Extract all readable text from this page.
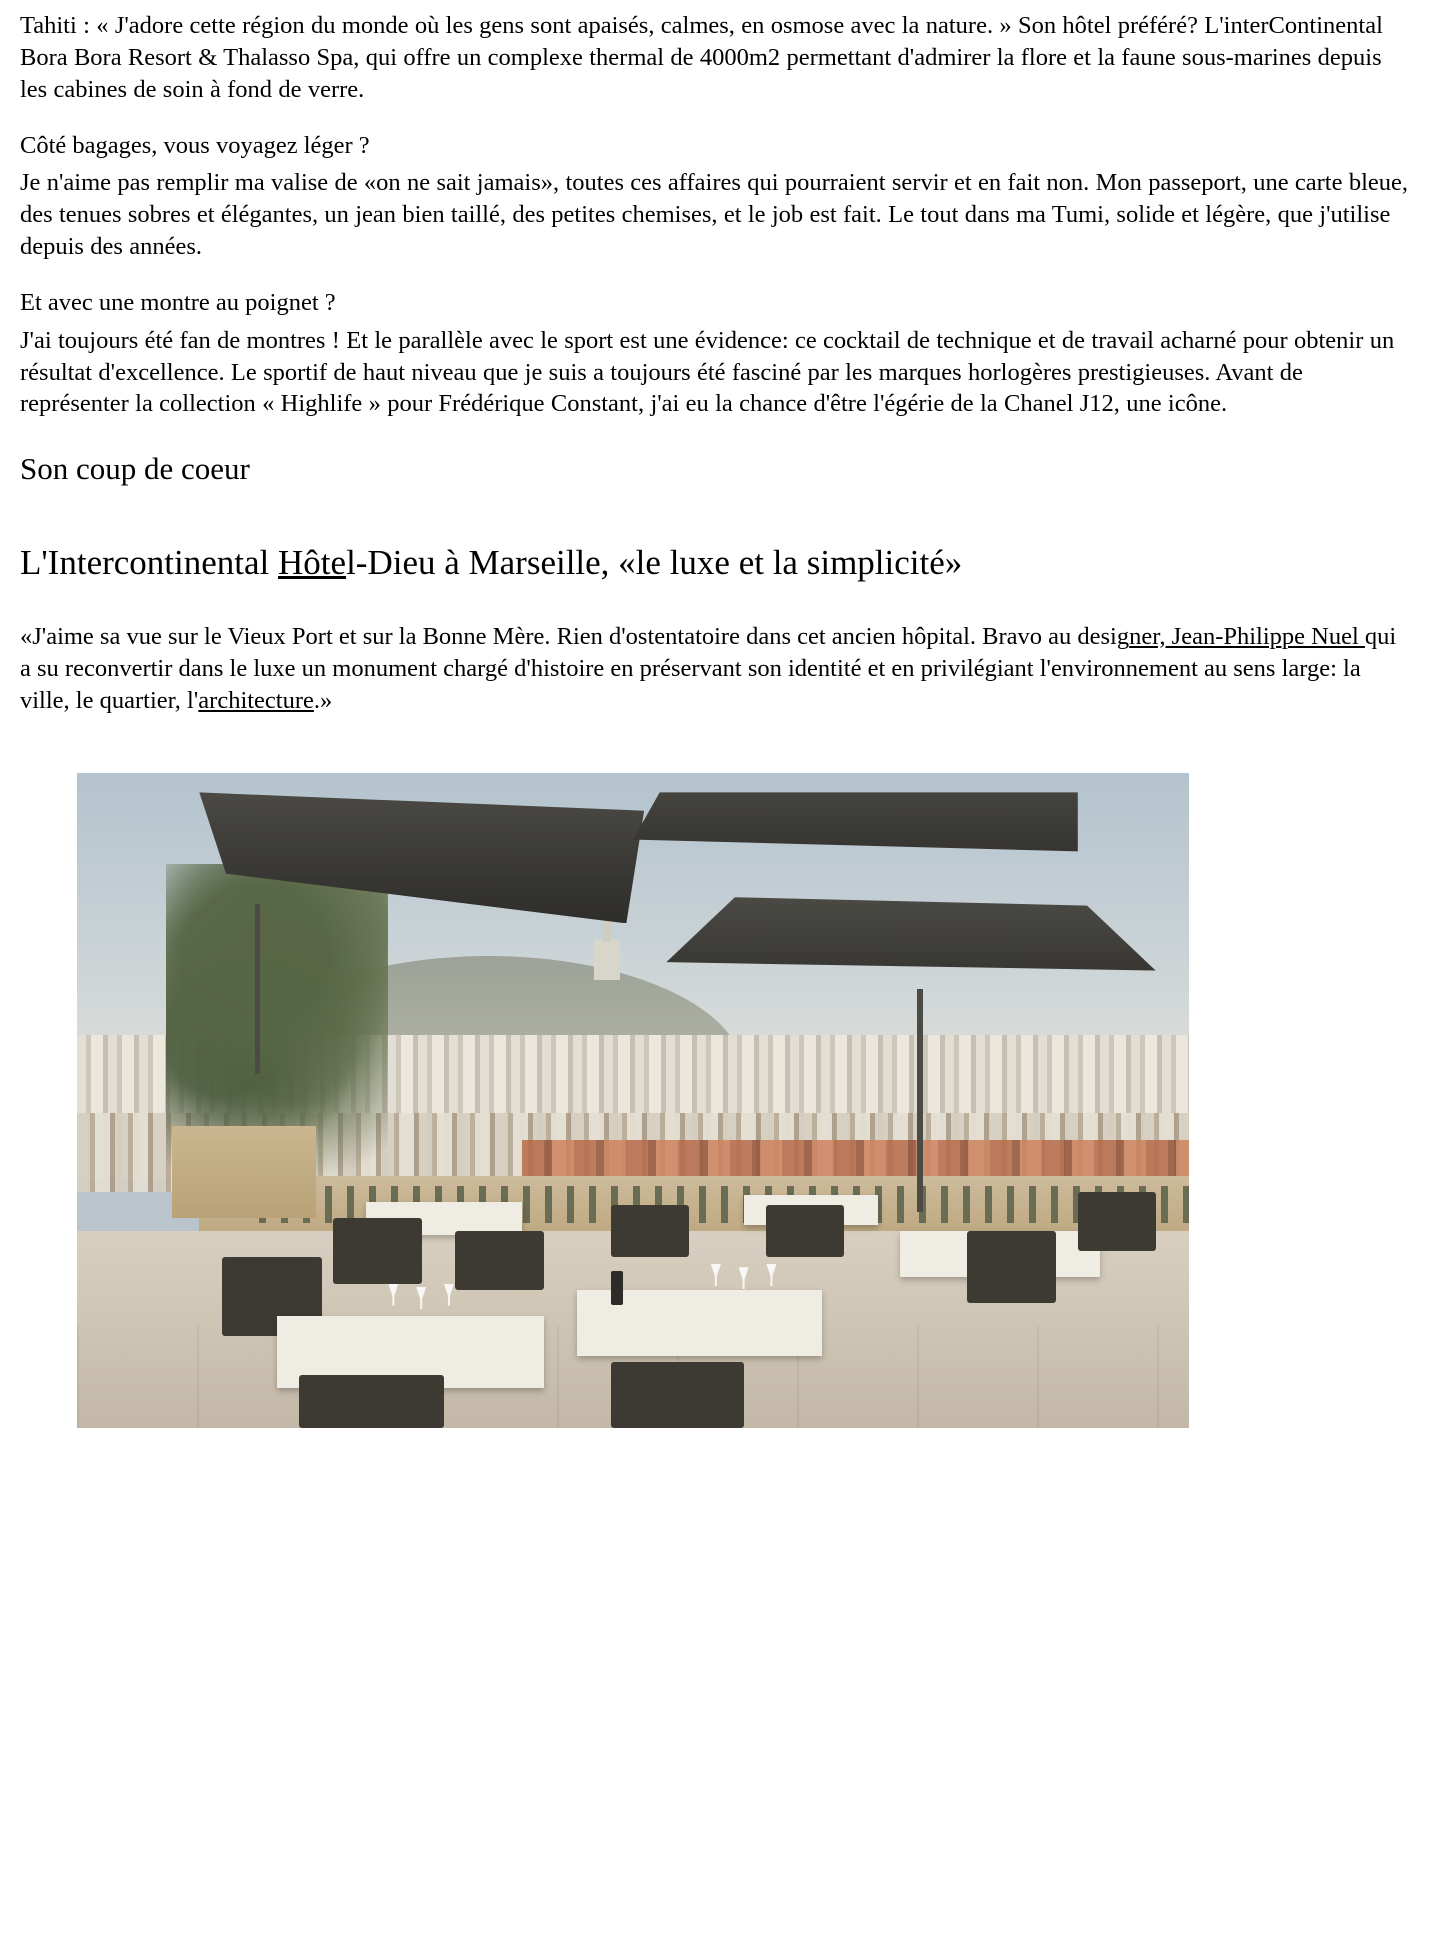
Tahiti : « J'adore cette région du monde où les gens sont apaisés, calmes, en osmose avec la nature. » Son hôtel préféré? L'interContinental Bora Bora Resort & Thalasso Spa, qui offre un complexe thermal de 4000m2 permettant d'admirer la flore et la faune sous-marines depuis les cabines de soin à fond de verre.

Côté bagages, vous voyagez léger ?

Je n'aime pas remplir ma valise de «on ne sait jamais», toutes ces affaires qui pourraient servir et en fait non. Mon passeport, une carte bleue, des tenues sobres et élégantes, un jean bien taillé, des petites chemises, et le job est fait. Le tout dans ma Tumi, solide et légère, que j'utilise depuis des années.

Et avec une montre au poignet ?

J'ai toujours été fan de montres ! Et le parallèle avec le sport est une évidence: ce cocktail de technique et de travail acharné pour obtenir un résultat d'excellence. Le sportif de haut niveau que je suis a toujours été fasciné par les marques horlogères prestigieuses. Avant de représenter la collection « Highlife » pour Frédérique Constant, j'ai eu la chance d'être l'égérie de la Chanel J12, une icône.

Son coup de coeur
L'Intercontinental Hôtel-Dieu à Marseille, «le luxe et la simplicité»

«J'aime sa vue sur le Vieux Port et sur la Bonne Mère. Rien d'ostentatoire dans cet ancien hôpital. Bravo au designer, Jean-Philippe Nuel qui a su reconvertir dans le luxe un monument chargé d'histoire en préservant son identité et en privilégiant l'environnement au sens large: la ville, le quartier, l'architecture.»
